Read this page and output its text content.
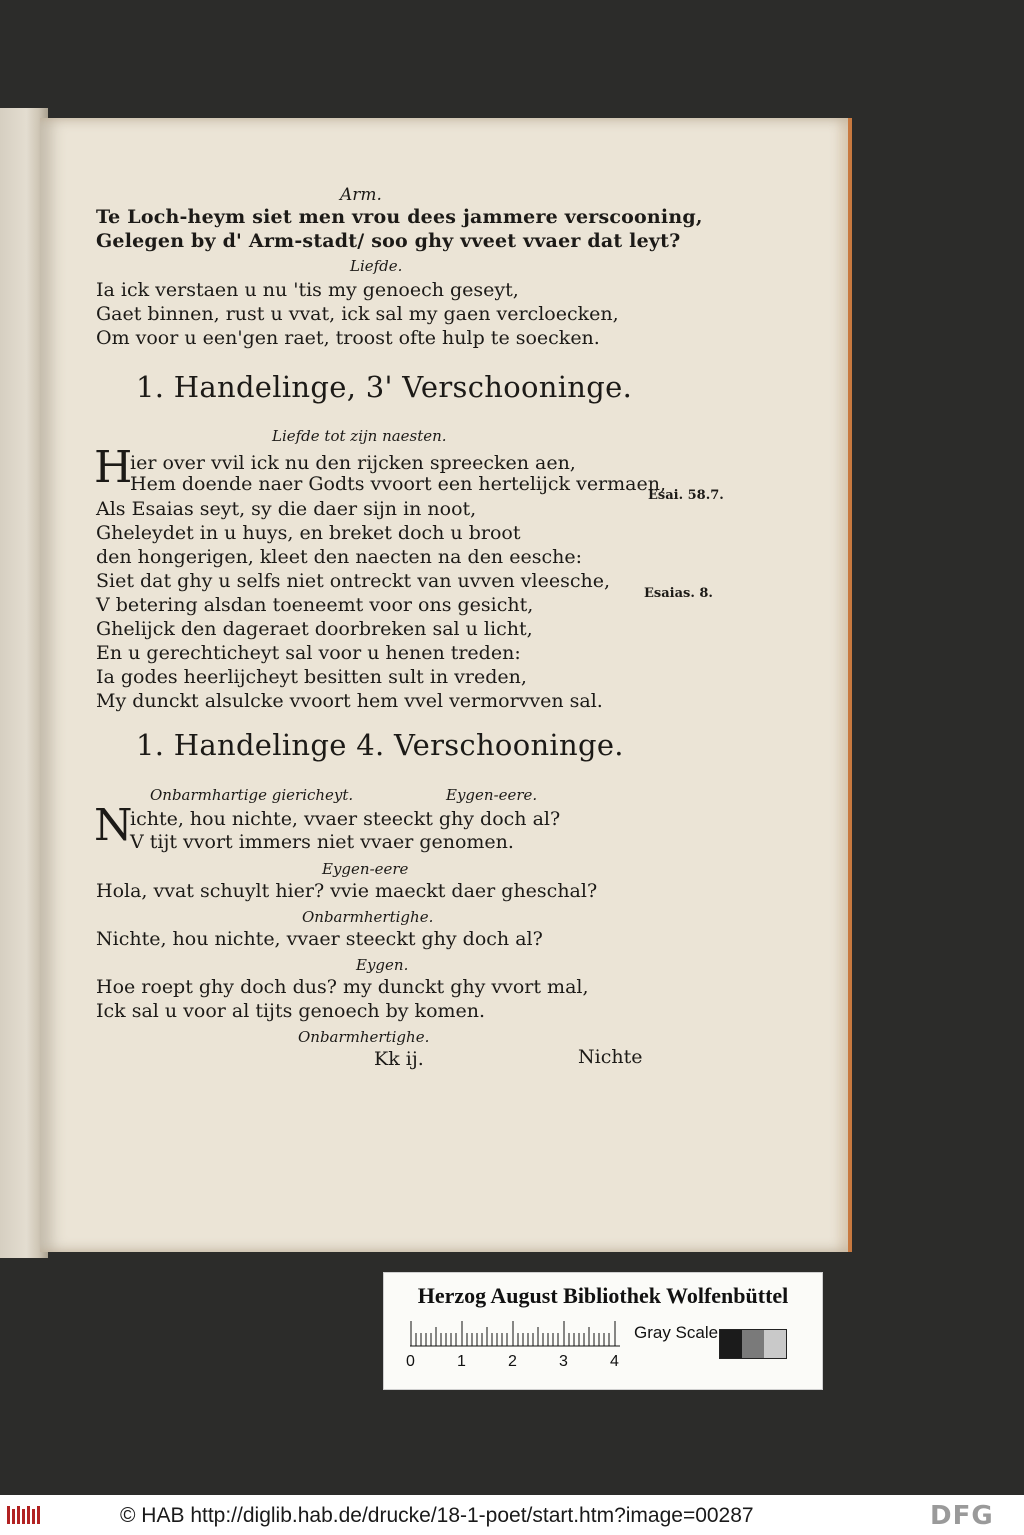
Arm.
Te Loch-heym siet men vrou dees jammere verscooning,
Gelegen by d' Arm-stadt/ soo ghy vveet vvaer dat leyt?
Liefde.
Ia ick verstaen u nu 'tis my genoech geseyt,
Gaet binnen, rust u vvat, ick sal my gaen vercloecken,
Om voor u een'gen raet, troost ofte hulp te soecken.
1. Handelinge, 3' Verschooninge.
Liefde tot zijn naesten.
H
ier over vvil ick nu den rijcken spreecken aen,
Hem doende naer Godts vvoort een hertelijck vermaen,
Als Esaias seyt, sy die daer sijn in noot,
Gheleydet in u huys, en breket doch u broot
den hongerigen, kleet den naecten na den eesche:
Siet dat ghy u selfs niet ontreckt van uvven vleesche,
V betering alsdan toeneemt voor ons gesicht,
Ghelijck den dageraet doorbreken sal u licht,
En u gerechticheyt sal voor u henen treden:
Ia godes heerlijcheyt besitten sult in vreden,
My dunckt alsulcke vvoort hem vvel vermorvven sal.
Esai. 58.7.
Esaias. 8.
1. Handelinge 4. Verschooninge.
Onbarmhartige giericheyt.	Eygen-eere.
N
ichte, hou nichte, vvaer steeckt ghy doch al?
V tijt vvort immers niet vvaer genomen.
Eygen-eere
Hola, vvat schuylt hier? vvie maeckt daer gheschal?
Onbarmhertighe.
Nichte, hou nichte, vvaer steeckt ghy doch al?
Eygen.
Hoe roept ghy doch dus? my dunckt ghy vvort mal,
Ick sal u voor al tijts genoech by komen.
Onbarmhertighe.
Kk ij.	Nichte
Herzog August Bibliothek Wolfenbüttel
0	1	2	3	4
Gray Scale
© HAB http://diglib.hab.de/drucke/18-1-poet/start.htm?image=00287	DFG
